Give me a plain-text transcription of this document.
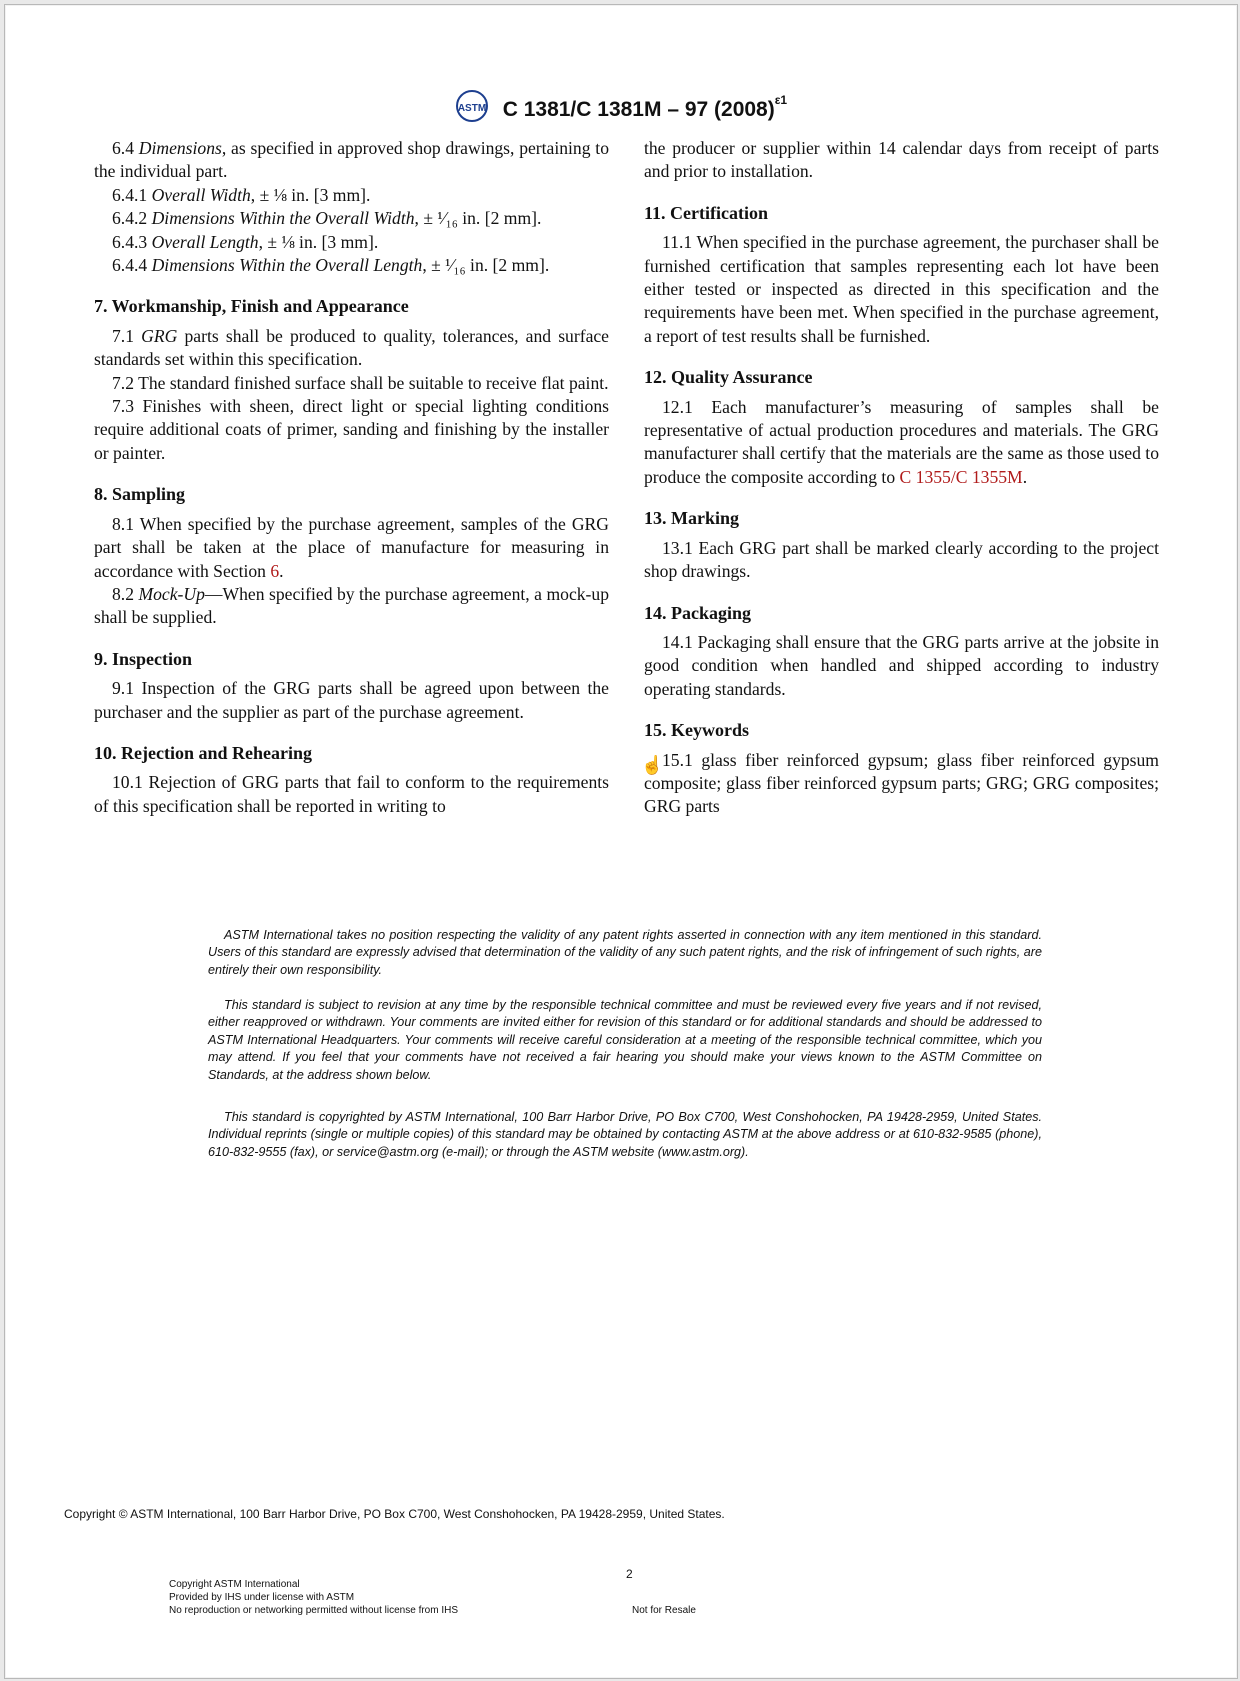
ASTM C 1381/C 1381M – 97 $(2008)^{\varepsilon 1}$

6.4 Dimensions, as specified in approved shop drawings, pertaining to the individual part.

6.4.1 Overall Width, ± ⅛ in. [3 mm].

6.4.2 Dimensions Within the Overall Width, ± ¹⁄₁₆ in. [2 mm].

6.4.3 Overall Length, ± ⅛ in. [3 mm].

6.4.4 Dimensions Within the Overall Length, ± ¹⁄₁₆ in. [2 mm].

7. Workmanship, Finish and Appearance

7.1 GRG parts shall be produced to quality, tolerances, and surface standards set within this specification.

7.2 The standard finished surface shall be suitable to receive flat paint.

7.3 Finishes with sheen, direct light or special lighting conditions require additional coats of primer, sanding and finishing by the installer or painter.

8. Sampling

8.1 When specified by the purchase agreement, samples of the GRG part shall be taken at the place of manufacture for measuring in accordance with Section 6.

8.2 Mock-Up—When specified by the purchase agreement, a mock-up shall be supplied.

9. Inspection

9.1 Inspection of the GRG parts shall be agreed upon between the purchaser and the supplier as part of the purchase agreement.

10. Rejection and Rehearing

10.1 Rejection of GRG parts that fail to conform to the requirements of this specification shall be reported in writing to

the producer or supplier within 14 calendar days from receipt of parts and prior to installation.

11. Certification

11.1 When specified in the purchase agreement, the purchaser shall be furnished certification that samples representing each lot have been either tested or inspected as directed in this specification and the requirements have been met. When specified in the purchase agreement, a report of test results shall be furnished.

12. Quality Assurance

12.1 Each manufacturer’s measuring of samples shall be representative of actual production procedures and materials. The GRG manufacturer shall certify that the materials are the same as those used to produce the composite according to C 1355/C 1355M.

13. Marking

13.1 Each GRG part shall be marked clearly according to the project shop drawings.

14. Packaging

14.1 Packaging shall ensure that the GRG parts arrive at the jobsite in good condition when handled and shipped according to industry operating standards.

15. Keywords

15.1 glass fiber reinforced gypsum; glass fiber reinforced gypsum composite; glass fiber reinforced gypsum parts; GRG; GRG composites; GRG parts

ASTM International takes no position respecting the validity of any patent rights asserted in connection with any item mentioned in this standard. Users of this standard are expressly advised that determination of the validity of any such patent rights, and the risk of infringement of such rights, are entirely their own responsibility.

This standard is subject to revision at any time by the responsible technical committee and must be reviewed every five years and if not revised, either reapproved or withdrawn. Your comments are invited either for revision of this standard or for additional standards and should be addressed to ASTM International Headquarters. Your comments will receive careful consideration at a meeting of the responsible technical committee, which you may attend. If you feel that your comments have not received a fair hearing you should make your views known to the ASTM Committee on Standards, at the address shown below.

This standard is copyrighted by ASTM International, 100 Barr Harbor Drive, PO Box C700, West Conshohocken, PA 19428-2959, United States. Individual reprints (single or multiple copies) of this standard may be obtained by contacting ASTM at the above address or at 610-832-9585 (phone), 610-832-9555 (fax), or service@astm.org (e-mail); or through the ASTM website (www.astm.org).

Copyright © ASTM International, 100 Barr Harbor Drive, PO Box C700, West Conshohocken, PA 19428-2959, United States.
2
Copyright ASTM International
Provided by IHS under license with ASTM
No reproduction or networking permitted without license from IHS	Not for Resale
☝
